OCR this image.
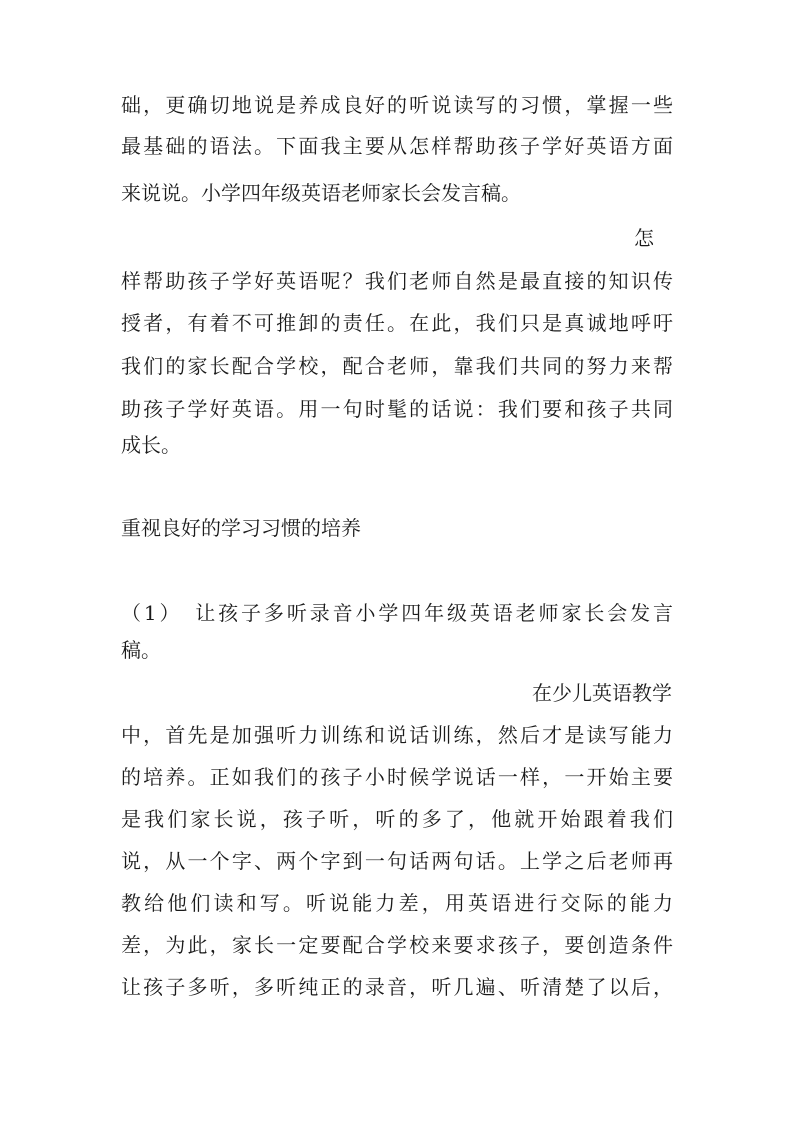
础，更确切地说是养成良好的听说读写的习惯，掌握一些
最基础的语法。下面我主要从怎样帮助孩子学好英语方面
来说说。小学四年级英语老师家长会发言稿。
怎
样帮助孩子学好英语呢？我们老师自然是最直接的知识传
授者，有着不可推卸的责任。在此，我们只是真诚地呼吁
我们的家长配合学校，配合老师，靠我们共同的努力来帮
助孩子学好英语。用一句时髦的话说：我们要和孩子共同
成长。
重视良好的学习习惯的培养
（1）　让孩子多听录音小学四年级英语老师家长会发言
稿。
在少儿英语教学
中，首先是加强听力训练和说话训练，然后才是读写能力
的培养。正如我们的孩子小时候学说话一样，一开始主要
是我们家长说，孩子听，听的多了，他就开始跟着我们
说，从一个字、两个字到一句话两句话。上学之后老师再
教给他们读和写。听说能力差，用英语进行交际的能力
差，为此，家长一定要配合学校来要求孩子，要创造条件
让孩子多听，多听纯正的录音，听几遍、听清楚了以后，
